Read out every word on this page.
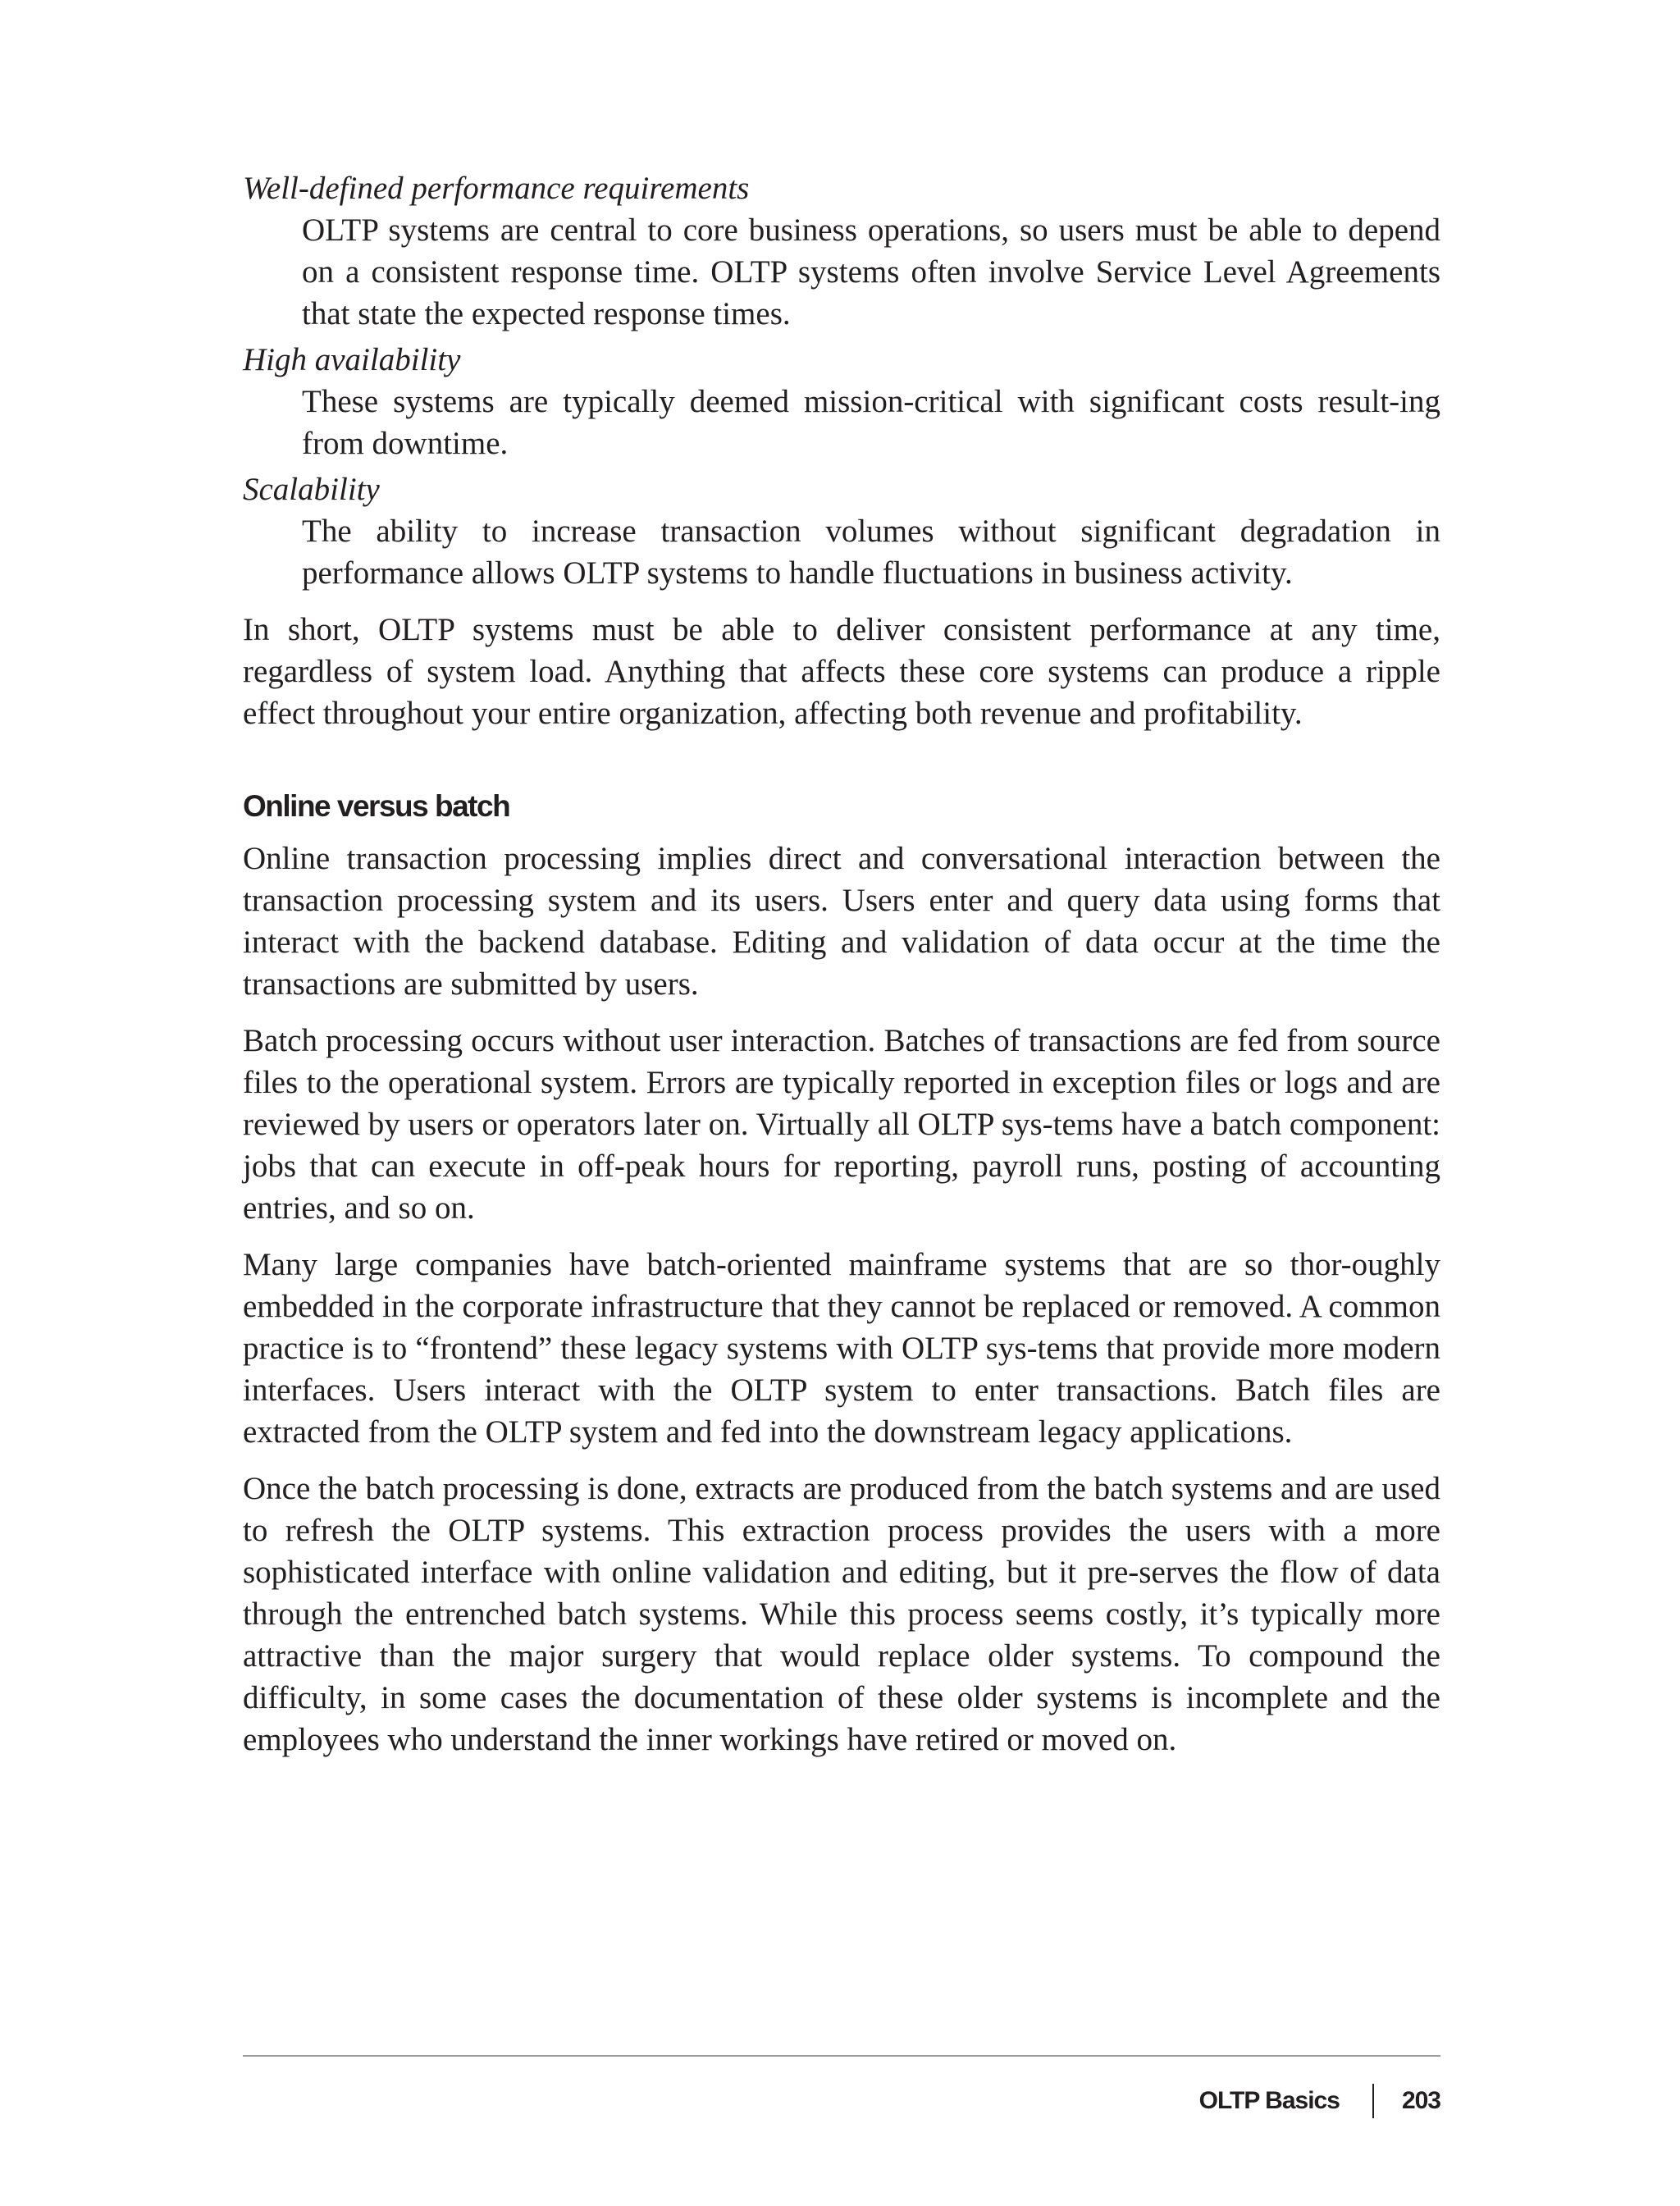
Well-defined performance requirements

OLTP systems are central to core business operations, so users must be able to depend on a consistent response time. OLTP systems often involve Service Level Agreements that state the expected response times.

High availability

These systems are typically deemed mission-critical with significant costs result-ing from downtime.

Scalability

The ability to increase transaction volumes without significant degradation in performance allows OLTP systems to handle fluctuations in business activity.

In short, OLTP systems must be able to deliver consistent performance at any time, regardless of system load. Anything that affects these core systems can produce a ripple effect throughout your entire organization, affecting both revenue and profitability.

Online versus batch

Online transaction processing implies direct and conversational interaction between the transaction processing system and its users. Users enter and query data using forms that interact with the backend database. Editing and validation of data occur at the time the transactions are submitted by users.

Batch processing occurs without user interaction. Batches of transactions are fed from source files to the operational system. Errors are typically reported in exception files or logs and are reviewed by users or operators later on. Virtually all OLTP sys-tems have a batch component: jobs that can execute in off-peak hours for reporting, payroll runs, posting of accounting entries, and so on.

Many large companies have batch-oriented mainframe systems that are so thor-oughly embedded in the corporate infrastructure that they cannot be replaced or removed. A common practice is to “frontend” these legacy systems with OLTP sys-tems that provide more modern interfaces. Users interact with the OLTP system to enter transactions. Batch files are extracted from the OLTP system and fed into the downstream legacy applications.

Once the batch processing is done, extracts are produced from the batch systems and are used to refresh the OLTP systems. This extraction process provides the users with a more sophisticated interface with online validation and editing, but it pre-serves the flow of data through the entrenched batch systems. While this process seems costly, it’s typically more attractive than the major surgery that would replace older systems. To compound the difficulty, in some cases the documentation of these older systems is incomplete and the employees who understand the inner workings have retired or moved on.

OLTP Basics	203
